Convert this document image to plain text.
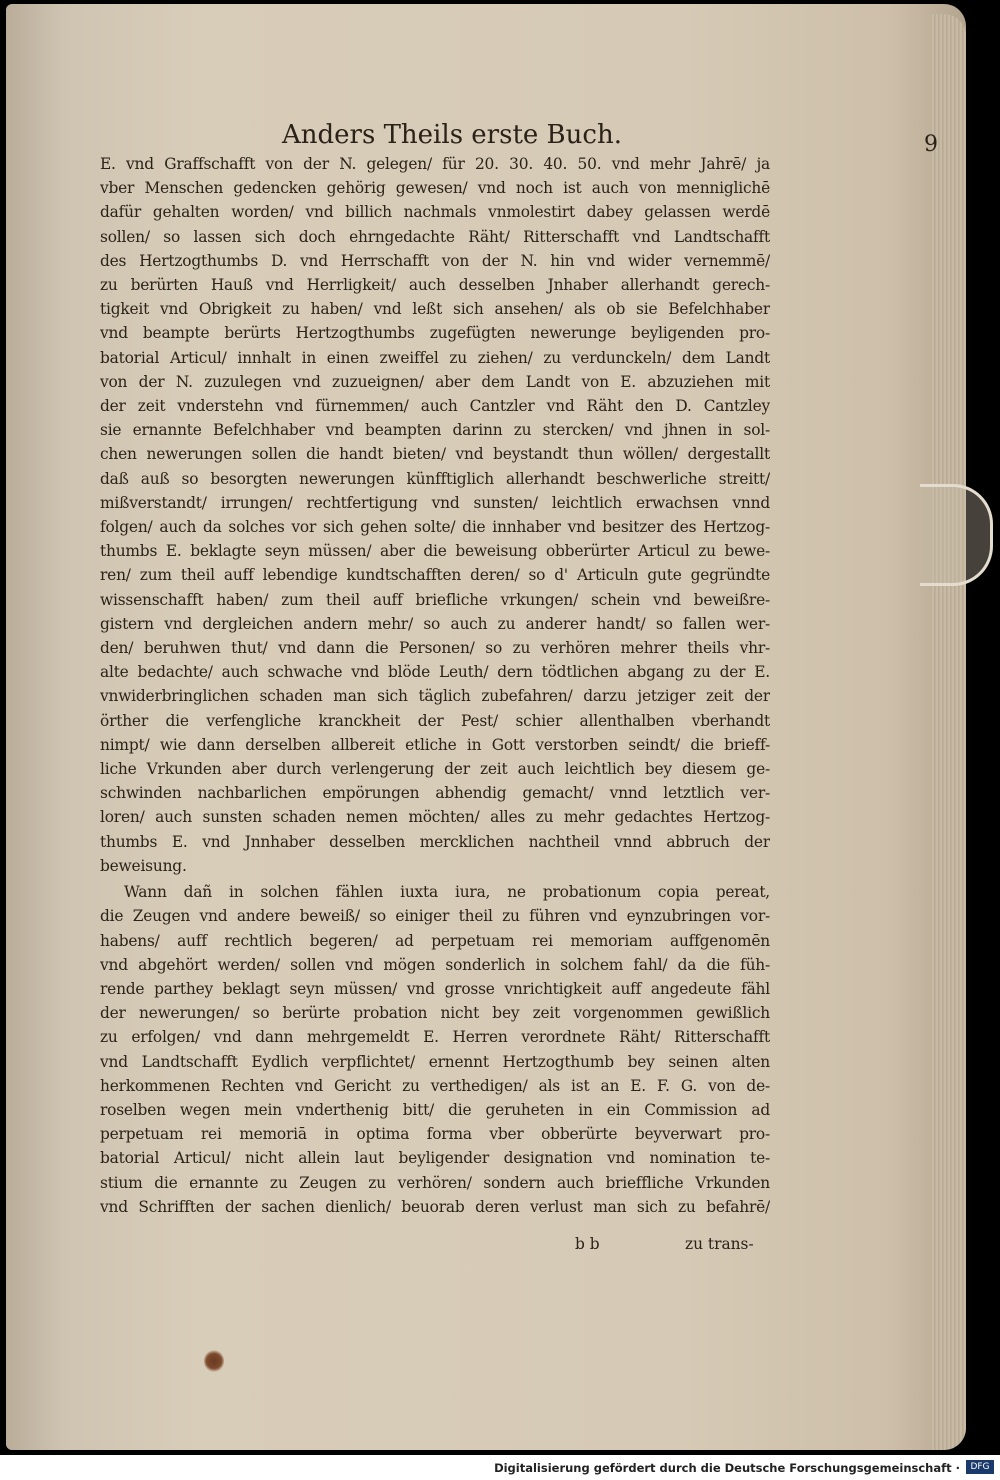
Anders Theils erste Buch.	9
E. vnd Graffschafft von der N. gelegen/ für 20. 30. 40. 50. vnd mehr Jahrē/ ja
vber Menschen gedencken gehörig gewesen/ vnd noch ist auch von menniglichē
dafür gehalten worden/ vnd billich nachmals vnmolestirt dabey gelassen werdē
sollen/ so lassen sich doch ehrngedachte Räht/ Ritterschafft vnd Landtschafft
des Hertzogthumbs D. vnd Herrschafft von der N. hin vnd wider vernemmē/
zu berürten Hauß vnd Herrligkeit/ auch desselben Jnhaber allerhandt gerech-
tigkeit vnd Obrigkeit zu haben/ vnd leßt sich ansehen/ als ob sie Befelchhaber
vnd beampte berürts Hertzogthumbs zugefügten newerunge beyligenden pro-
batorial Articul/ innhalt in einen zweiffel zu ziehen/ zu verdunckeln/ dem Landt
von der N. zuzulegen vnd zuzueignen/ aber dem Landt von E. abzuziehen mit
der zeit vnderstehn vnd fürnemmen/ auch Cantzler vnd Räht den D. Cantzley
sie ernannte Befelchhaber vnd beampten darinn zu stercken/ vnd jhnen in sol-
chen newerungen sollen die handt bieten/ vnd beystandt thun wöllen/ dergestallt
daß auß so besorgten newerungen künfftiglich allerhandt beschwerliche streitt/
mißverstandt/ irrungen/ rechtfertigung vnd sunsten/ leichtlich erwachsen vnnd
folgen/ auch da solches vor sich gehen solte/ die innhaber vnd besitzer des Hertzog-
thumbs E. beklagte seyn müssen/ aber die beweisung obberürter Articul zu bewe-
ren/ zum theil auff lebendige kundtschafften deren/ so d' Articuln gute gegründte
wissenschafft haben/ zum theil auff briefliche vrkungen/ schein vnd beweißre-
gistern vnd dergleichen andern mehr/ so auch zu anderer handt/ so fallen wer-
den/ beruhwen thut/ vnd dann die Personen/ so zu verhören mehrer theils vhr-
alte bedachte/ auch schwache vnd blöde Leuth/ dern tödtlichen abgang zu der E.
vnwiderbringlichen schaden man sich täglich zubefahren/ darzu jetziger zeit der
örther die verfengliche kranckheit der Pest/ schier allenthalben vberhandt
nimpt/ wie dann derselben allbereit etliche in Gott verstorben seindt/ die brieff-
liche Vrkunden aber durch verlengerung der zeit auch leichtlich bey diesem ge-
schwinden nachbarlichen empörungen abhendig gemacht/ vnnd letztlich ver-
loren/ auch sunsten schaden nemen möchten/ alles zu mehr gedachtes Hertzog-
thumbs E. vnd Jnnhaber desselben mercklichen nachtheil vnnd abbruch der
beweisung.
Wann dañ in solchen fählen iuxta iura, ne probationum copia pereat,
die Zeugen vnd andere beweiß/ so einiger theil zu führen vnd eynzubringen vor-
habens/ auff rechtlich begeren/ ad perpetuam rei memoriam auffgenomēn
vnd abgehört werden/ sollen vnd mögen sonderlich in solchem fahl/ da die füh-
rende parthey beklagt seyn müssen/ vnd grosse vnrichtigkeit auff angedeute fähl
der newerungen/ so berürte probation nicht bey zeit vorgenommen gewißlich
zu erfolgen/ vnd dann mehrgemeldt E. Herren verordnete Räht/ Ritterschafft
vnd Landtschafft Eydlich verpflichtet/ ernennt Hertzogthumb bey seinen alten
herkommenen Rechten vnd Gericht zu verthedigen/ als ist an E. F. G. von de-
roselben wegen mein vnderthenig bitt/ die geruheten in ein Commission ad
perpetuam rei memoriā in optima forma vber obberürte beyverwart pro-
batorial Articul/ nicht allein laut beyligender designation vnd nomination te-
stium die ernannte zu Zeugen zu verhören/ sondern auch brieffliche Vrkunden
vnd Schrifften der sachen dienlich/ beuorab deren verlust man sich zu befahrē/
b b	zu trans-
Digitalisierung gefördert durch die Deutsche Forschungsgemeinschaft ·	DFG
